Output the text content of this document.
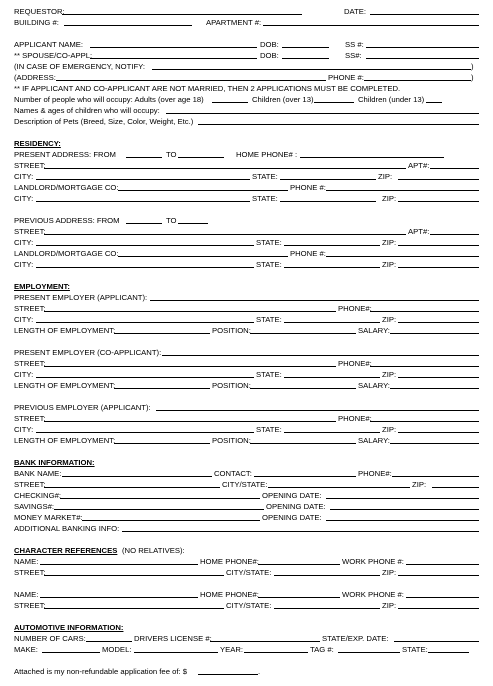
REQUESTOR:	DATE:
BUILDING #:	APARTMENT #:
APPLICANT NAME:	DOB:	SS #:
** SPOUSE/CO-APPL:	DOB:	SS#:
(IN CASE OF EMERGENCY, NOTIFY:	)
(ADDRESS:	PHONE #:	)
** IF APPLICANT AND CO-APPLICANT ARE NOT MARRIED, THEN 2 APPLICATIONS MUST BE COMPLETED.
Number of people who will occupy: Adults (over age 18)	Children (over 13)	Children (under 13)
Names & ages of children who will occupy:
Description of Pets (Breed, Size, Color, Weight, Etc.)
RESIDENCY:
PRESENT ADDRESS: FROM	TO	HOME PHONE# :
STREET:	APT#:
CITY:	STATE:	ZIP:
LANDLORD/MORTGAGE CO:	PHONE #:
CITY:	STATE:	ZIP:
PREVIOUS ADDRESS: FROM	TO
STREET:	APT#:
CITY:	STATE:	ZIP:
LANDLORD/MORTGAGE CO:	PHONE #:
CITY:	STATE:	ZIP:
EMPLOYMENT:
PRESENT EMPLOYER (APPLICANT):
STREET:	PHONE#:
CITY:	STATE:	ZIP:
LENGTH OF EMPLOYMENT:	POSITION:	SALARY:
PRESENT EMPLOYER (CO-APPLICANT):
STREET:	PHONE#:
CITY:	STATE:	ZIP:
LENGTH OF EMPLOYMENT:	POSITION:	SALARY:
PREVIOUS EMPLOYER (APPLICANT):
STREET:	PHONE#:
CITY:	STATE:	ZIP:
LENGTH OF EMPLOYMENT:	POSITION:	SALARY:
BANK INFORMATION:
BANK NAME:	CONTACT:	PHONE#:
STREET:	CITY/STATE:	ZIP:
CHECKING#:	OPENING DATE:
SAVINGS#:	OPENING DATE:
MONEY MARKET#:	OPENING DATE:
ADDITIONAL BANKING INFO:
CHARACTER REFERENCES (NO RELATIVES):
NAME:	HOME PHONE#:	WORK PHONE #:
STREET:	CITY/STATE:	ZIP:
NAME:	HOME PHONE#:	WORK PHONE #:
STREET:	CITY/STATE:	ZIP:
AUTOMOTIVE INFORMATION:
NUMBER OF CARS:	DRIVERS LICENSE #:	STATE/EXP. DATE:
MAKE:	MODEL:	YEAR:	TAG #:	STATE:
Attached is my non-refundable application fee of: $	.
